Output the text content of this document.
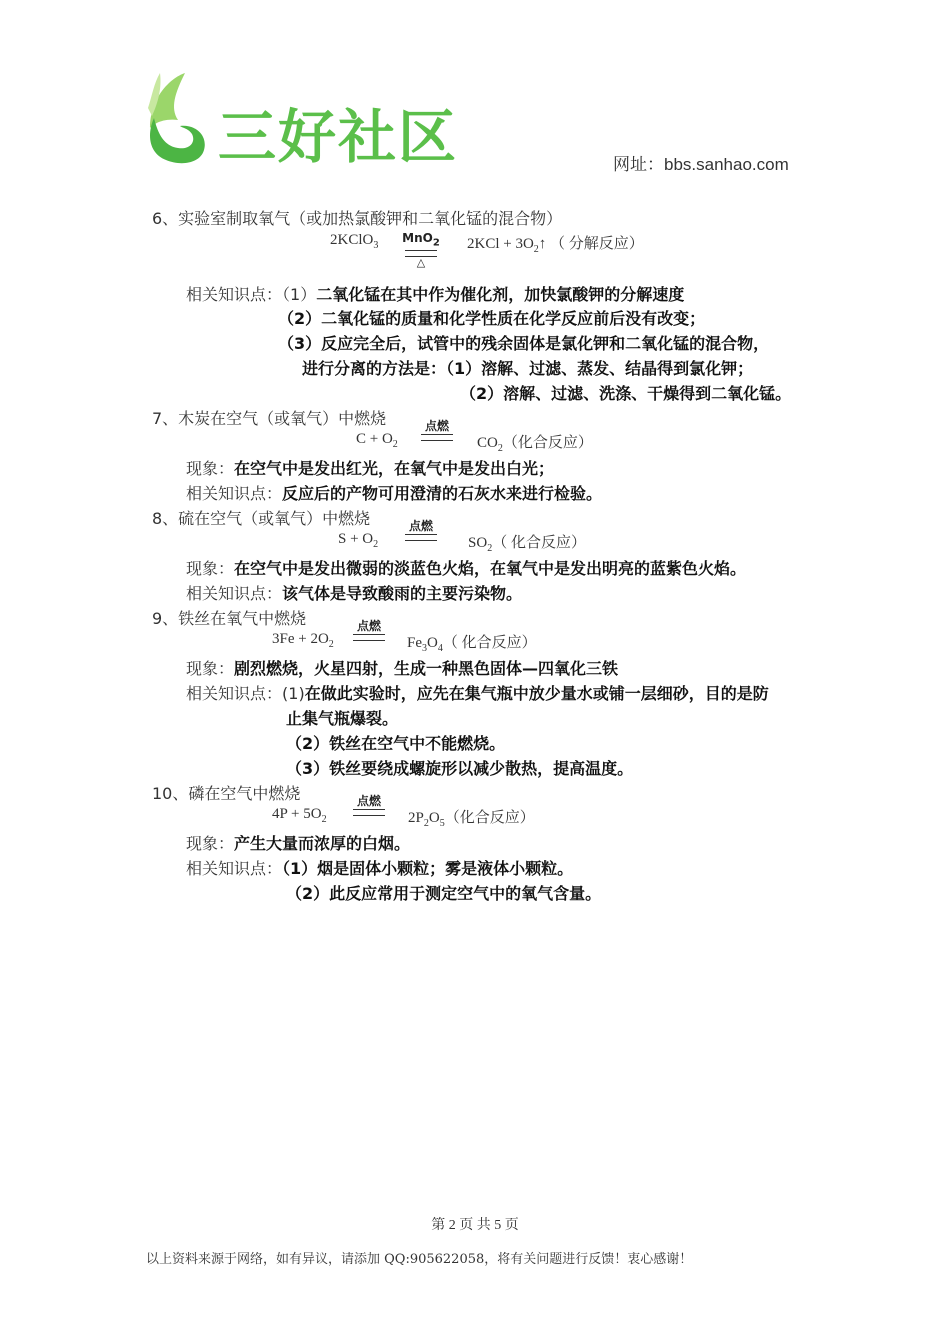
三好社区	网址：bbs.sanhao.com
6、实验室制取氧气（或加热氯酸钾和二氧化锰的混合物）
2KClO$_3$
MnO$_2$
△
$2KCl + 3O_2↑$ （ 分解反应）
相关知识点：（1）二氧化锰在其中作为催化剂，加快氯酸钾的分解速度
（2）二氧化锰的质量和化学性质在化学反应前后没有改变；
（3）反应完全后，试管中的残余固体是氯化钾和二氧化锰的混合物，
进行分离的方法是：（1）溶解、过滤、蒸发、结晶得到氯化钾；
（2）溶解、过滤、洗涤、干燥得到二氧化锰。
7、木炭在空气（或氧气）中燃烧
$C + O_2$
点燃
$CO_2$（化合反应）
现象：在空气中是发出红光，在氧气中是发出白光；
相关知识点：反应后的产物可用澄清的石灰水来进行检验。
8、硫在空气（或氧气）中燃烧
$S + O_2$
点燃
$SO_2$（ 化合反应）
现象：在空气中是发出微弱的淡蓝色火焰，在氧气中是发出明亮的蓝紫色火焰。
相关知识点：该气体是导致酸雨的主要污染物。
9、铁丝在氧气中燃烧
$3Fe + 2O_2$
点燃
$Fe_3O_4$（ 化合反应）
现象：剧烈燃烧，火星四射，生成一种黑色固体—四氧化三铁
相关知识点：(1)在做此实验时，应先在集气瓶中放少量水或铺一层细砂，目的是防
止集气瓶爆裂。
（2）铁丝在空气中不能燃烧。
（3）铁丝要绕成螺旋形以减少散热，提高温度。
10、磷在空气中燃烧
$4P + 5O_2$
点燃
$2P_2O_5$（化合反应）
现象：产生大量而浓厚的白烟。
相关知识点：（1）烟是固体小颗粒；雾是液体小颗粒。
（2）此反应常用于测定空气中的氧气含量。
第 2 页 共 5 页
以上资料来源于网络，如有异议，请添加 QQ:905622058，将有关问题进行反馈！衷心感谢！
